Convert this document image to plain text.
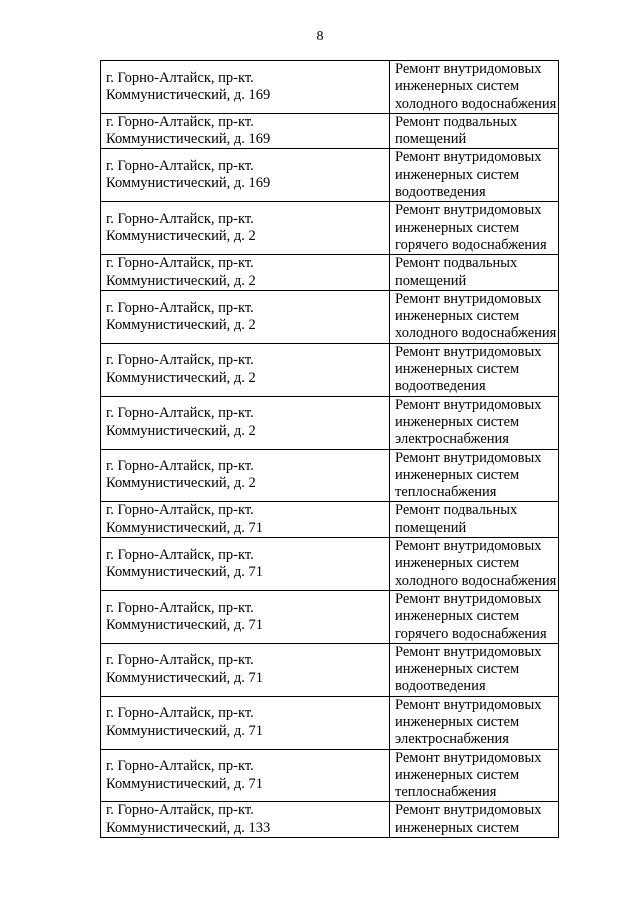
8
г. Горно-Алтайск, пр-кт.
Коммунистический, д. 169	Ремонт внутридомовых
инженерных систем
холодного водоснабжения

г. Горно-Алтайск, пр-кт.
Коммунистический, д. 169	Ремонт подвальных
помещений

г. Горно-Алтайск, пр-кт.
Коммунистический, д. 169	Ремонт внутридомовых
инженерных систем
водоотведения

г. Горно-Алтайск, пр-кт.
Коммунистический, д. 2	Ремонт внутридомовых
инженерных систем
горячего водоснабжения

г. Горно-Алтайск, пр-кт.
Коммунистический, д. 2	Ремонт подвальных
помещений

г. Горно-Алтайск, пр-кт.
Коммунистический, д. 2	Ремонт внутридомовых
инженерных систем
холодного водоснабжения

г. Горно-Алтайск, пр-кт.
Коммунистический, д. 2	Ремонт внутридомовых
инженерных систем
водоотведения

г. Горно-Алтайск, пр-кт.
Коммунистический, д. 2	Ремонт внутридомовых
инженерных систем
электроснабжения

г. Горно-Алтайск, пр-кт.
Коммунистический, д. 2	Ремонт внутридомовых
инженерных систем
теплоснабжения

г. Горно-Алтайск, пр-кт.
Коммунистический, д. 71	Ремонт подвальных
помещений

г. Горно-Алтайск, пр-кт.
Коммунистический, д. 71	Ремонт внутридомовых
инженерных систем
холодного водоснабжения

г. Горно-Алтайск, пр-кт.
Коммунистический, д. 71	Ремонт внутридомовых
инженерных систем
горячего водоснабжения

г. Горно-Алтайск, пр-кт.
Коммунистический, д. 71	Ремонт внутридомовых
инженерных систем
водоотведения

г. Горно-Алтайск, пр-кт.
Коммунистический, д. 71	Ремонт внутридомовых
инженерных систем
электроснабжения

г. Горно-Алтайск, пр-кт.
Коммунистический, д. 71	Ремонт внутридомовых
инженерных систем
теплоснабжения

г. Горно-Алтайск, пр-кт.
Коммунистический, д. 133	Ремонт внутридомовых
инженерных систем
